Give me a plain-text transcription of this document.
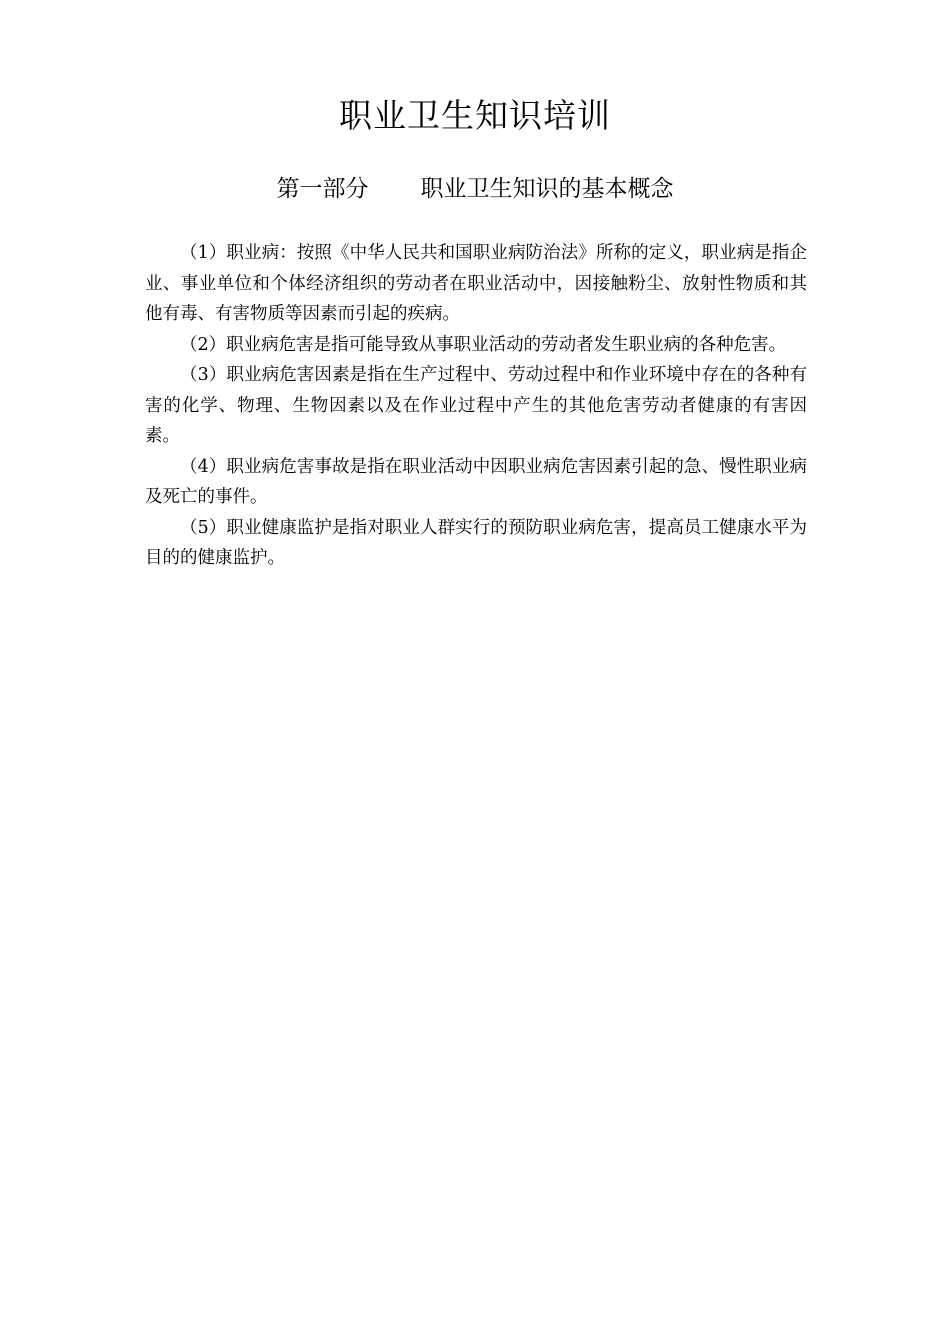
职业卫生知识培训
第一部分 职业卫生知识的基本概念

（1）职业病：按照《中华人民共和国职业病防治法》所称的定义，职业病是指企业、事业单位和个体经济组织的劳动者在职业活动中，因接触粉尘、放射性物质和其他有毒、有害物质等因素而引起的疾病。

（2）职业病危害是指可能导致从事职业活动的劳动者发生职业病的各种危害。

（3）职业病危害因素是指在生产过程中、劳动过程中和作业环境中存在的各种有害的化学、物理、生物因素以及在作业过程中产生的其他危害劳动者健康的有害因素。

（4）职业病危害事故是指在职业活动中因职业病危害因素引起的急、慢性职业病及死亡的事件。

（5）职业健康监护是指对职业人群实行的预防职业病危害，提高员工健康水平为目的的健康监护。
